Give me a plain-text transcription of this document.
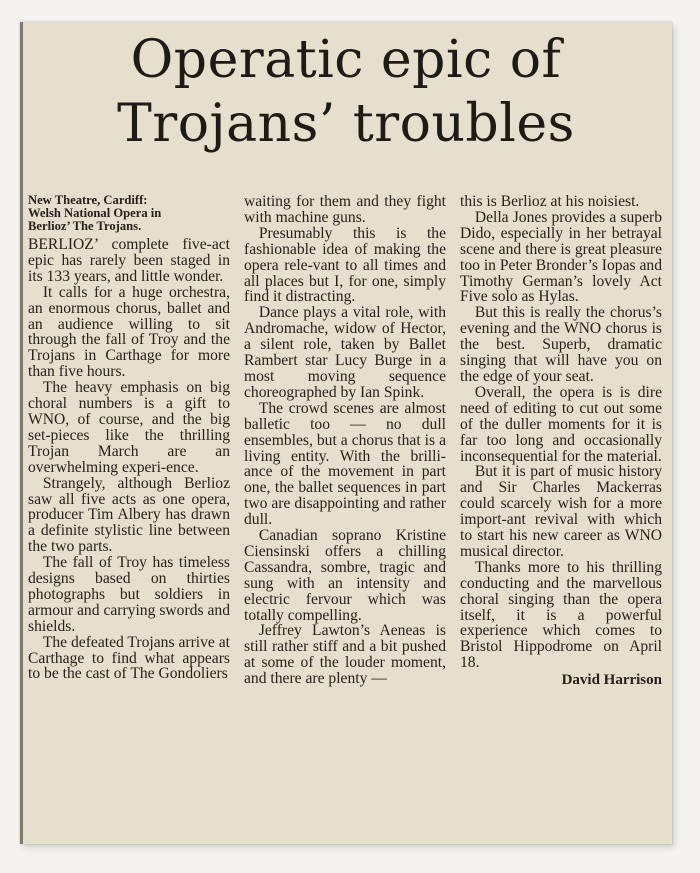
Operatic epic of
Trojans’ troubles
New Theatre, Cardiff:
Welsh National Opera in
Berlioz’ The Trojans.

BERLIOZ’ complete five-act epic has rarely been staged in its 133 years, and little wonder.

It calls for a huge orchestra, an enormous chorus, ballet and an audience willing to sit through the fall of Troy and the Trojans in Carthage for more than five hours.

The heavy emphasis on big choral numbers is a gift to WNO, of course, and the big set-pieces like the thrilling Trojan March are an overwhelming experi-ence.

Strangely, although Berlioz saw all five acts as one opera, producer Tim Albery has drawn a definite stylistic line between the two parts.

The fall of Troy has timeless designs based on thirties photographs but soldiers in armour and carrying swords and shields.

The defeated Trojans arrive at Carthage to find what appears to be the cast of The Gondoliers

waiting for them and they fight with machine guns.

Presumably this is the fashionable idea of making the opera rele-vant to all times and all places but I, for one, simply find it distracting.

Dance plays a vital role, with Andromache, widow of Hector, a silent role, taken by Ballet Rambert star Lucy Burge in a most moving sequence choreographed by Ian Spink.

The crowd scenes are almost balletic too — no dull ensembles, but a chorus that is a living entity. With the brilli-ance of the movement in part one, the ballet sequences in part two are disappointing and rather dull.

Canadian soprano Kristine Ciensinski offers a chilling Cassandra, sombre, tragic and sung with an intensity and electric fervour which was totally compelling.

Jeffrey Lawton’s Aeneas is still rather stiff and a bit pushed at some of the louder moment, and there are plenty —

this is Berlioz at his noisiest.

Della Jones provides a superb Dido, especially in her betrayal scene and there is great pleasure too in Peter Bronder’s Iopas and Timothy German’s lovely Act Five solo as Hylas.

But this is really the chorus’s evening and the WNO chorus is the best. Superb, dramatic singing that will have you on the edge of your seat.

Overall, the opera is is dire need of editing to cut out some of the duller moments for it is far too long and occasionally inconsequential for the material.

But it is part of music history and Sir Charles Mackerras could scarcely wish for a more import-ant revival with which to start his new career as WNO musical director.

Thanks more to his thrilling conducting and the marvellous choral singing than the opera itself, it is a powerful experience which comes to Bristol Hippodrome on April 18.

David Harrison
